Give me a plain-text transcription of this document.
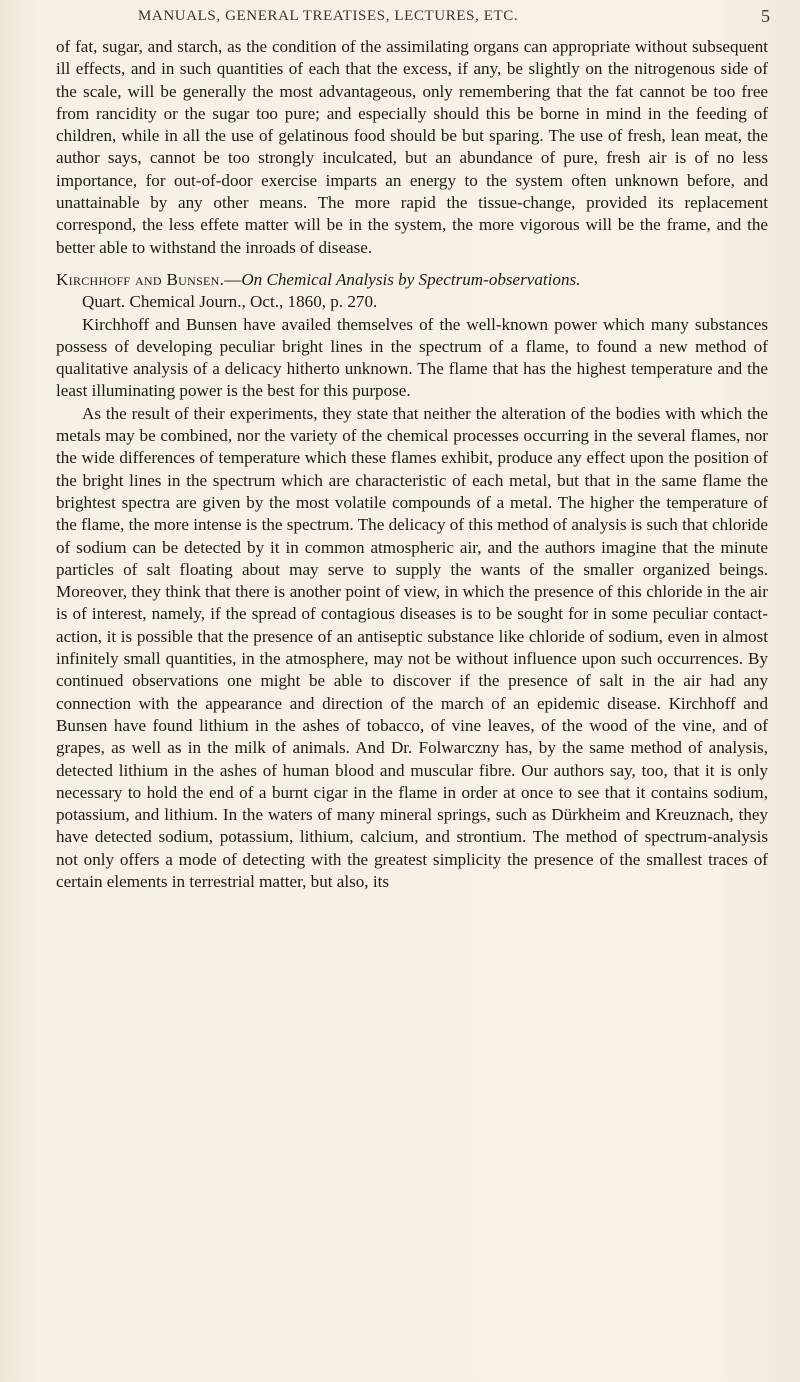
MANUALS, GENERAL TREATISES, LECTURES, ETC.	5

of fat, sugar, and starch, as the condition of the assimilating organs can appropriate without subsequent ill effects, and in such quantities of each that the excess, if any, be slightly on the nitrogenous side of the scale, will be generally the most advantageous, only remembering that the fat cannot be too free from rancidity or the sugar too pure; and especially should this be borne in mind in the feeding of children, while in all the use of gelatinous food should be but sparing. The use of fresh, lean meat, the author says, cannot be too strongly inculcated, but an abundance of pure, fresh air is of no less importance, for out-of-door exercise imparts an energy to the system often unknown before, and unattainable by any other means. The more rapid the tissue-change, provided its replacement correspond, the less effete matter will be in the system, the more vigorous will be the frame, and the better able to withstand the inroads of disease.

Kirchhoff and Bunsen.—On Chemical Analysis by Spectrum-observations.

Quart. Chemical Journ., Oct., 1860, p. 270.

Kirchhoff and Bunsen have availed themselves of the well-known power which many substances possess of developing peculiar bright lines in the spectrum of a flame, to found a new method of qualitative analysis of a delicacy hitherto unknown. The flame that has the highest temperature and the least illuminating power is the best for this purpose.

As the result of their experiments, they state that neither the alteration of the bodies with which the metals may be combined, nor the variety of the chemical processes occurring in the several flames, nor the wide differences of temperature which these flames exhibit, produce any effect upon the position of the bright lines in the spectrum which are characteristic of each metal, but that in the same flame the brightest spectra are given by the most volatile compounds of a metal. The higher the temperature of the flame, the more intense is the spectrum. The delicacy of this method of analysis is such that chloride of sodium can be detected by it in common atmospheric air, and the authors imagine that the minute particles of salt floating about may serve to supply the wants of the smaller organized beings. Moreover, they think that there is another point of view, in which the presence of this chloride in the air is of interest, namely, if the spread of contagious diseases is to be sought for in some peculiar contact-action, it is possible that the presence of an antiseptic substance like chloride of sodium, even in almost infinitely small quantities, in the atmosphere, may not be without influence upon such occurrences. By continued observations one might be able to discover if the presence of salt in the air had any connection with the appearance and direction of the march of an epidemic disease. Kirchhoff and Bunsen have found lithium in the ashes of tobacco, of vine leaves, of the wood of the vine, and of grapes, as well as in the milk of animals. And Dr. Folwarczny has, by the same method of analysis, detected lithium in the ashes of human blood and muscular fibre. Our authors say, too, that it is only necessary to hold the end of a burnt cigar in the flame in order at once to see that it contains sodium, potassium, and lithium. In the waters of many mineral springs, such as Dürkheim and Kreuznach, they have detected sodium, potassium, lithium, calcium, and strontium. The method of spectrum-analysis not only offers a mode of detecting with the greatest simplicity the presence of the smallest traces of certain elements in terrestrial matter, but also, its
